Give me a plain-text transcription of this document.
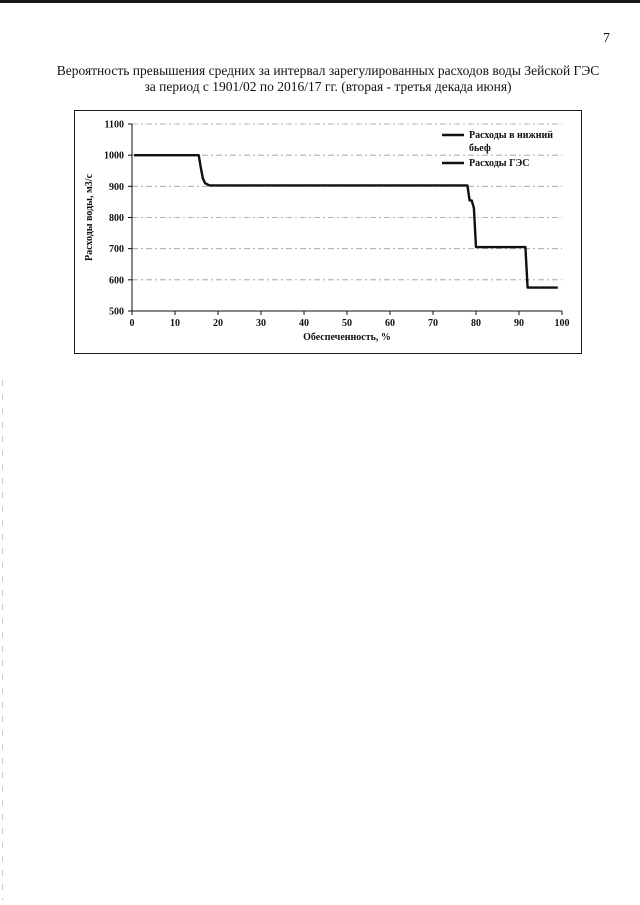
7
Вероятность превышения средних за интервал зарегулированных расходов воды Зейской ГЭС
за период с 1901/02 по 2016/17 гг. (вторая - третья декада июня)
500
600
700
800
900
1000
1100
0	10	20	30	40	50	60	70	80	90	100
Расходы в нижний бьеф
Расходы ГЭС
Обеспеченность, %
Расходы воды, м3/с
